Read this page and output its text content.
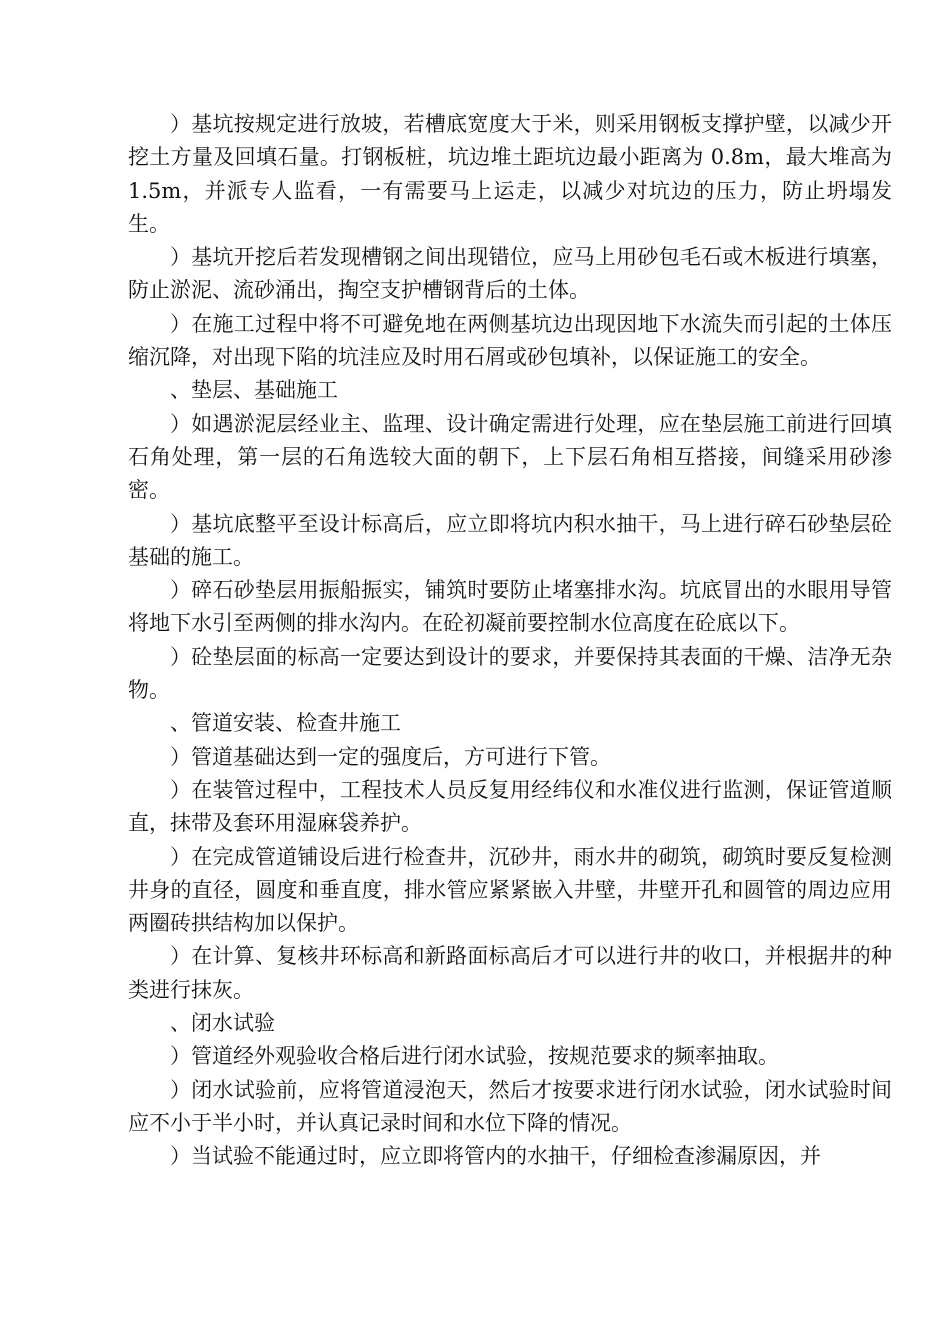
）基坑按规定进行放坡，若槽底宽度大于米，则采用钢板支撑护壁，以减少开挖土方量及回填石量。打钢板桩，坑边堆土距坑边最小距离为 0.8m，最大堆高为 1.5m，并派专人监看，一有需要马上运走，以减少对坑边的压力，防止坍塌发生。

）基坑开挖后若发现槽钢之间出现错位，应马上用砂包毛石或木板进行填塞，防止淤泥、流砂涌出，掏空支护槽钢背后的土体。

）在施工过程中将不可避免地在两侧基坑边出现因地下水流失而引起的土体压缩沉降，对出现下陷的坑洼应及时用石屑或砂包填补，以保证施工的安全。

、垫层、基础施工

）如遇淤泥层经业主、监理、设计确定需进行处理，应在垫层施工前进行回填石角处理，第一层的石角选较大面的朝下，上下层石角相互搭接，间缝采用砂渗密。

）基坑底整平至设计标高后，应立即将坑内积水抽干，马上进行碎石砂垫层砼基础的施工。

）碎石砂垫层用振船振实，铺筑时要防止堵塞排水沟。坑底冒出的水眼用导管将地下水引至两侧的排水沟内。在砼初凝前要控制水位高度在砼底以下。

）砼垫层面的标高一定要达到设计的要求，并要保持其表面的干燥、洁净无杂物。

、管道安装、检查井施工

）管道基础达到一定的强度后，方可进行下管。

）在装管过程中，工程技术人员反复用经纬仪和水准仪进行监测，保证管道顺直，抹带及套环用湿麻袋养护。

）在完成管道铺设后进行检查井，沉砂井，雨水井的砌筑，砌筑时要反复检测井身的直径，圆度和垂直度，排水管应紧紧嵌入井壁，井壁开孔和圆管的周边应用两圈砖拱结构加以保护。

）在计算、复核井环标高和新路面标高后才可以进行井的收口，并根据井的种类进行抹灰。

、闭水试验

）管道经外观验收合格后进行闭水试验，按规范要求的频率抽取。

）闭水试验前，应将管道浸泡天，然后才按要求进行闭水试验，闭水试验时间应不小于半小时，并认真记录时间和水位下降的情况。

）当试验不能通过时，应立即将管内的水抽干，仔细检查渗漏原因，并
